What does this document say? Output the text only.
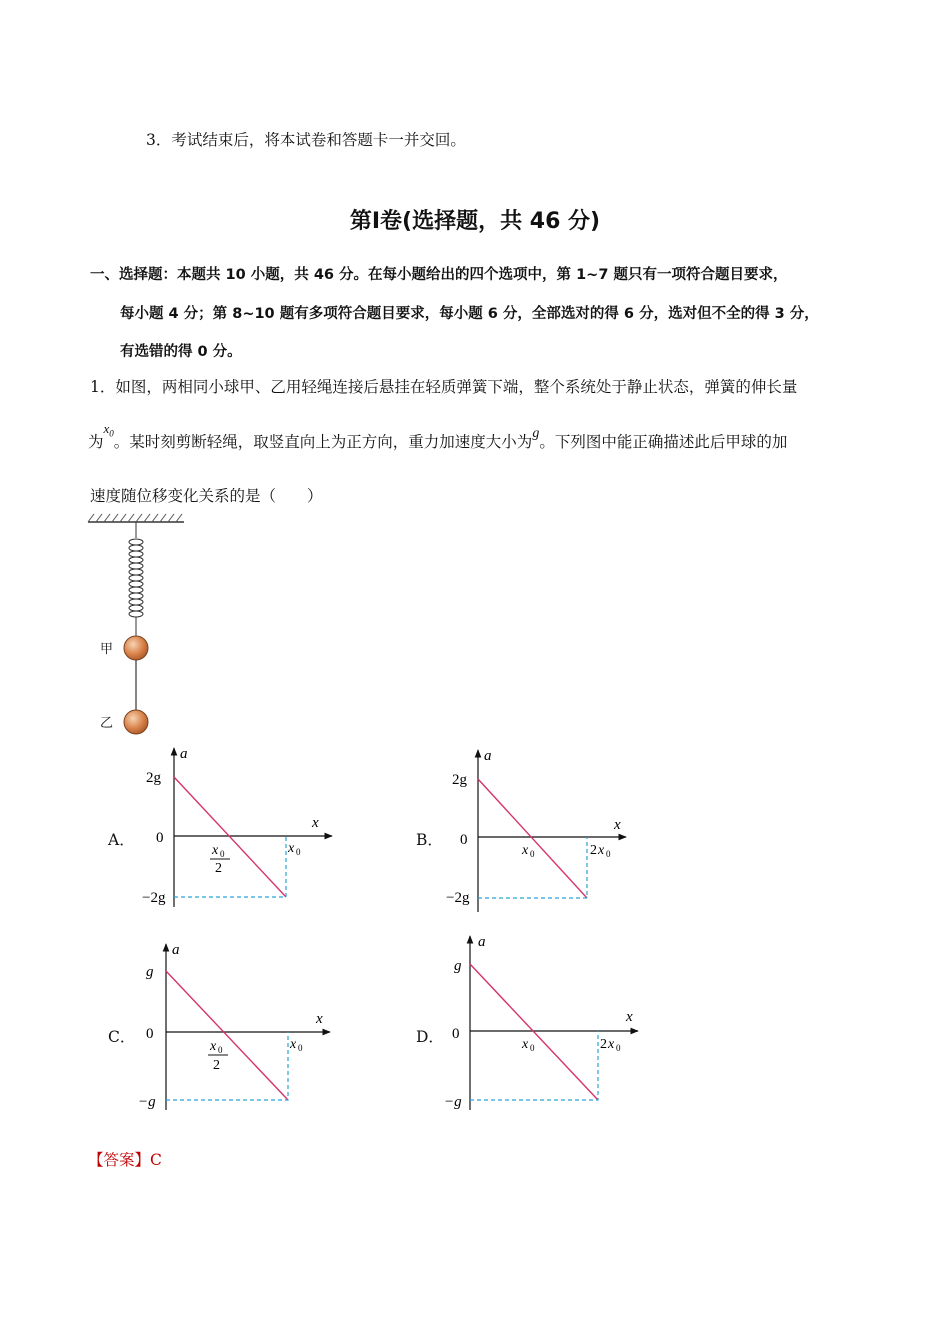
3．考试结束后，将本试卷和答题卡一并交回。
第Ⅰ卷(选择题，共 46 分)
一、选择题：本题共 10 小题，共 46 分。在每小题给出的四个选项中，第 1~7 题只有一项符合题目要求，
每小题 4 分；第 8~10 题有多项符合题目要求，每小题 6 分，全部选对的得 6 分，选对但不全的得 3 分，
有选错的得 0 分。
1．如图，两相同小球甲、乙用轻绳连接后悬挂在轻质弹簧下端，整个系统处于静止状态，弹簧的伸长量
为$^{x_0}$。某时刻剪断轻绳，取竖直向上为正方向，重力加速度大小为g。下列图中能正确描述此后甲球的加
速度随位移变化关系的是（　　）
甲
乙
A．
a
x
2g
0
−2g
x 0
2
x 0
B．
a
x
2g
0
−2g
x 0	2 x 0
C．
a
x
g
0
−g
x 0
2
x 0
D．
a
x
g
0
−g
x 0	2 x 0
【答案】C
